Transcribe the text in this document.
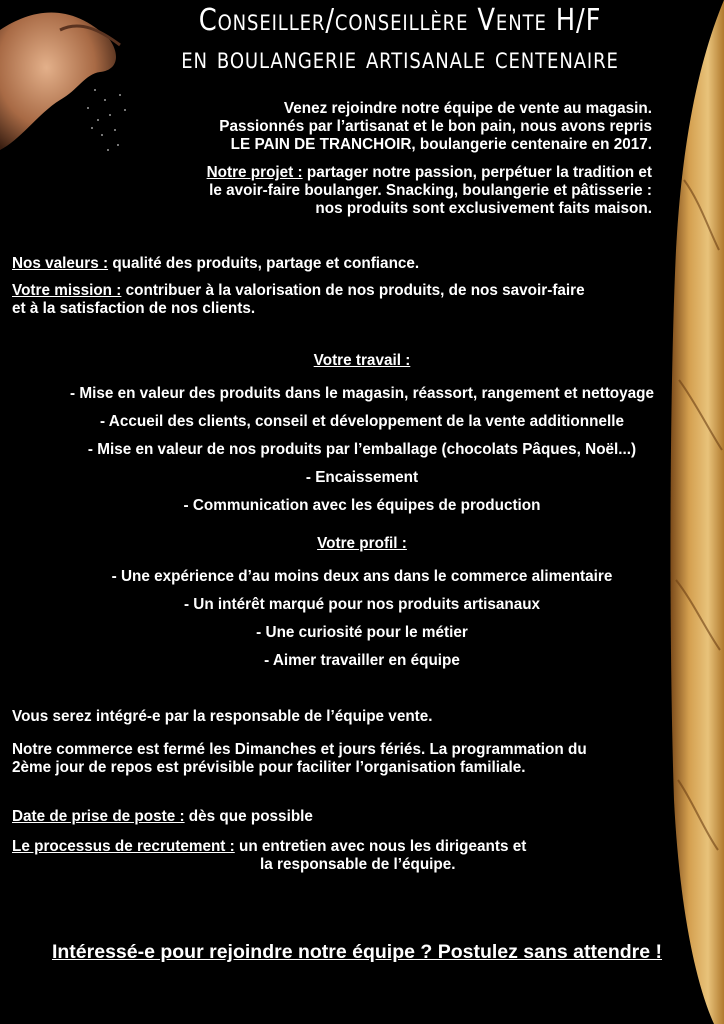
Conseiller/conseillère Vente H/F
en boulangerie artisanale centenaire

Venez rejoindre notre équipe de vente au magasin.

Passionnés par l’artisanat et le bon pain, nous avons repris

LE PAIN DE TRANCHOIR, boulangerie centenaire en 2017.

Notre projet : partager notre passion, perpétuer la tradition et

le avoir-faire boulanger. Snacking, boulangerie et pâtisserie :

nos produits sont exclusivement faits maison.

Nos valeurs : qualité des produits, partage et confiance.
Votre mission : contribuer à la valorisation de nos produits, de nos savoir-faire
et à la satisfaction de nos clients.
Votre travail :
- Mise en valeur des produits dans le magasin, réassort, rangement et nettoyage
- Accueil des clients, conseil et développement de la vente additionnelle
- Mise en valeur de nos produits par l’emballage (chocolats Pâques, Noël...)
- Encaissement
- Communication avec les équipes de production
Votre profil :
- Une expérience d’au moins deux ans dans le commerce alimentaire
- Un intérêt marqué pour nos produits artisanaux
- Une curiosité pour le métier
- Aimer travailler en équipe
Vous serez intégré-e par la responsable de l’équipe vente.
Notre commerce est fermé les Dimanches et jours fériés. La programmation du
2ème jour de repos est prévisible pour faciliter l’organisation familiale.
Date de prise de poste : dès que possible
Le processus de recrutement : un entretien avec nous les dirigeants et
la responsable de l’équipe.
Intéressé-e pour rejoindre notre équipe ? Postulez sans attendre !
